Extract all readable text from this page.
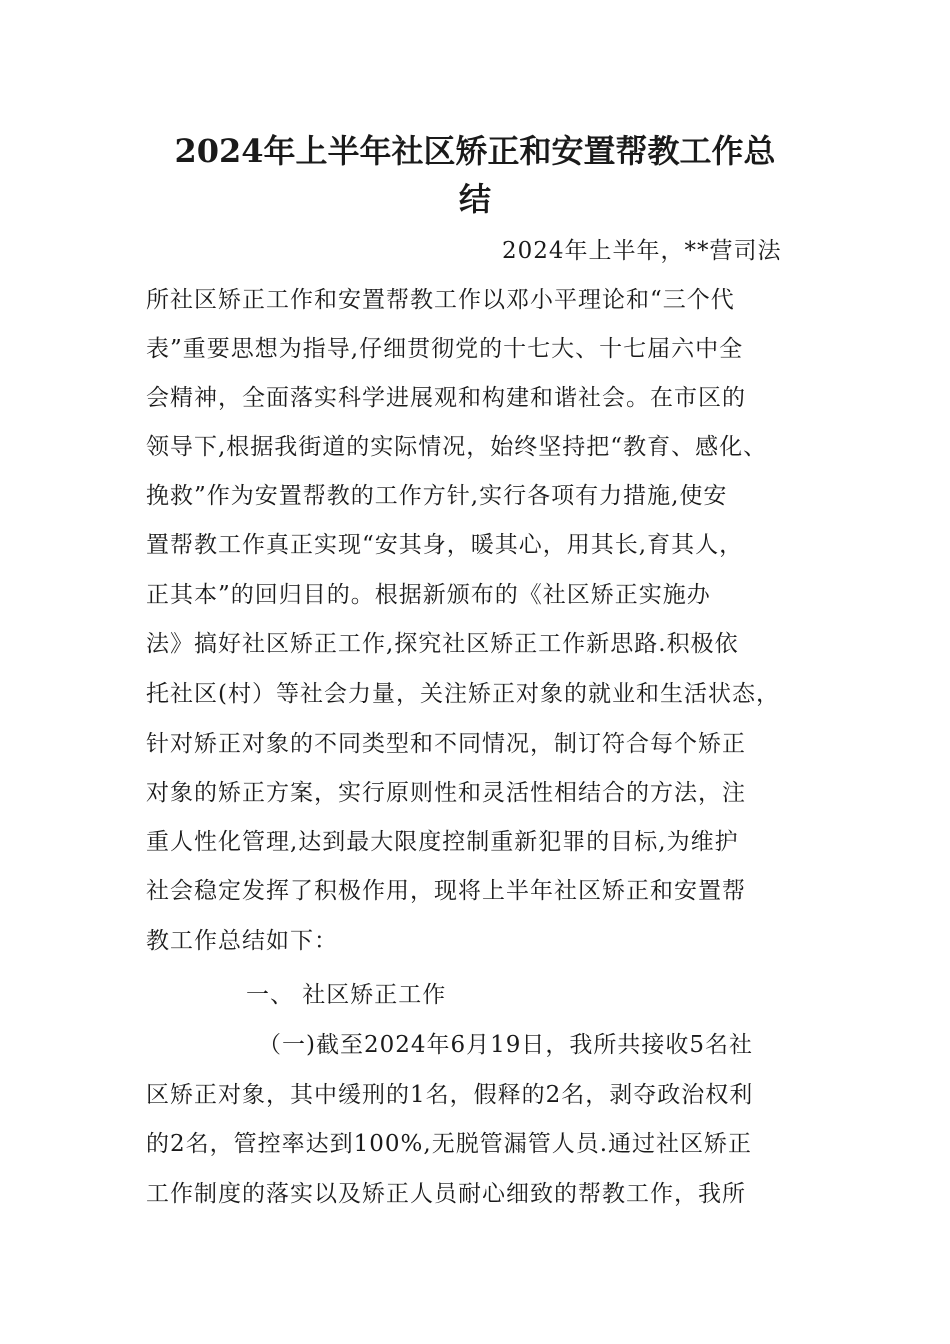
2024年上半年社区矫正和安置帮教工作总
结
2024年上半年，**营司法
所社区矫正工作和安置帮教工作以邓小平理论和“三个代
表”重要思想为指导,仔细贯彻党的十七大、十七届六中全
会精神，全面落实科学进展观和构建和谐社会。在市区的
领导下,根据我街道的实际情况，始终坚持把“教育、感化、
挽救”作为安置帮教的工作方针,实行各项有力措施,使安
置帮教工作真正实现“安其身，暖其心，用其长,育其人，
正其本”的回归目的。根据新颁布的《社区矫正实施办
法》搞好社区矫正工作,探究社区矫正工作新思路.积极依
托社区(村）等社会力量，关注矫正对象的就业和生活状态，
针对矫正对象的不同类型和不同情况，制订符合每个矫正
对象的矫正方案，实行原则性和灵活性相结合的方法，注
重人性化管理,达到最大限度控制重新犯罪的目标,为维护
社会稳定发挥了积极作用，现将上半年社区矫正和安置帮
教工作总结如下：
一、 社区矫正工作
（一)截至2024年6月19日，我所共接收5名社
区矫正对象，其中缓刑的1名，假释的2名，剥夺政治权利
的2名，管控率达到100%,无脱管漏管人员.通过社区矫正
工作制度的落实以及矫正人员耐心细致的帮教工作，我所
